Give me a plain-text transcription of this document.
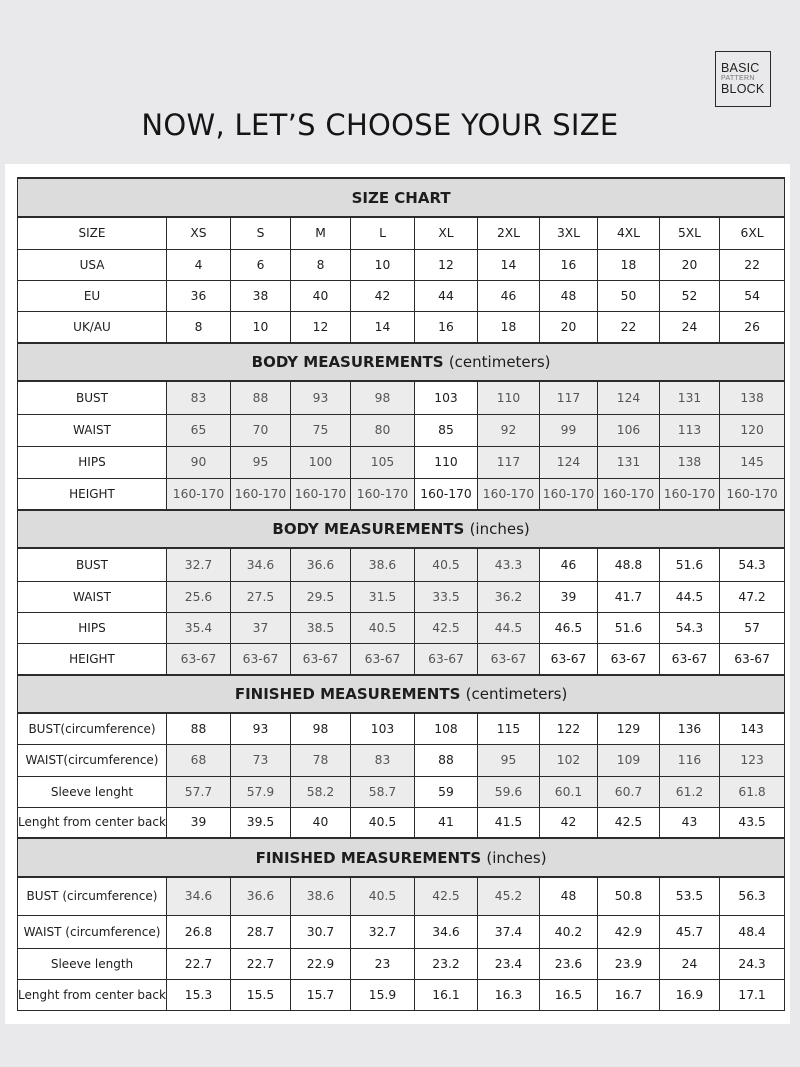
BASIC
PATTERN
BLOCK
NOW, LET’S CHOOSE YOUR SIZE
SIZE CHART										
SIZE	XS	S	M	L	XL	2XL	3XL	4XL	5XL	6XL
USA	4	6	8	10	12	14	16	18	20	22
EU	36	38	40	42	44	46	48	50	52	54
UK/AU	8	10	12	14	16	18	20	22	24	26
BODY MEASUREMENTS (centimeters)										
BUST	83	88	93	98	103	110	117	124	131	138
WAIST	65	70	75	80	85	92	99	106	113	120
HIPS	90	95	100	105	110	117	124	131	138	145
HEIGHT	160-170	160-170	160-170	160-170	160-170	160-170	160-170	160-170	160-170	160-170
BODY MEASUREMENTS (inches)										
BUST	32.7	34.6	36.6	38.6	40.5	43.3	46	48.8	51.6	54.3
WAIST	25.6	27.5	29.5	31.5	33.5	36.2	39	41.7	44.5	47.2
HIPS	35.4	37	38.5	40.5	42.5	44.5	46.5	51.6	54.3	57
HEIGHT	63-67	63-67	63-67	63-67	63-67	63-67	63-67	63-67	63-67	63-67
FINISHED MEASUREMENTS (centimeters)										
BUST(circumference)	88	93	98	103	108	115	122	129	136	143
WAIST(circumference)	68	73	78	83	88	95	102	109	116	123
Sleeve lenght	57.7	57.9	58.2	58.7	59	59.6	60.1	60.7	61.2	61.8
Lenght from center back	39	39.5	40	40.5	41	41.5	42	42.5	43	43.5
FINISHED MEASUREMENTS (inches)										
BUST (circumference)	34.6	36.6	38.6	40.5	42.5	45.2	48	50.8	53.5	56.3
WAIST (circumference)	26.8	28.7	30.7	32.7	34.6	37.4	40.2	42.9	45.7	48.4
Sleeve length	22.7	22.7	22.9	23	23.2	23.4	23.6	23.9	24	24.3
Lenght from center back	15.3	15.5	15.7	15.9	16.1	16.3	16.5	16.7	16.9	17.1
